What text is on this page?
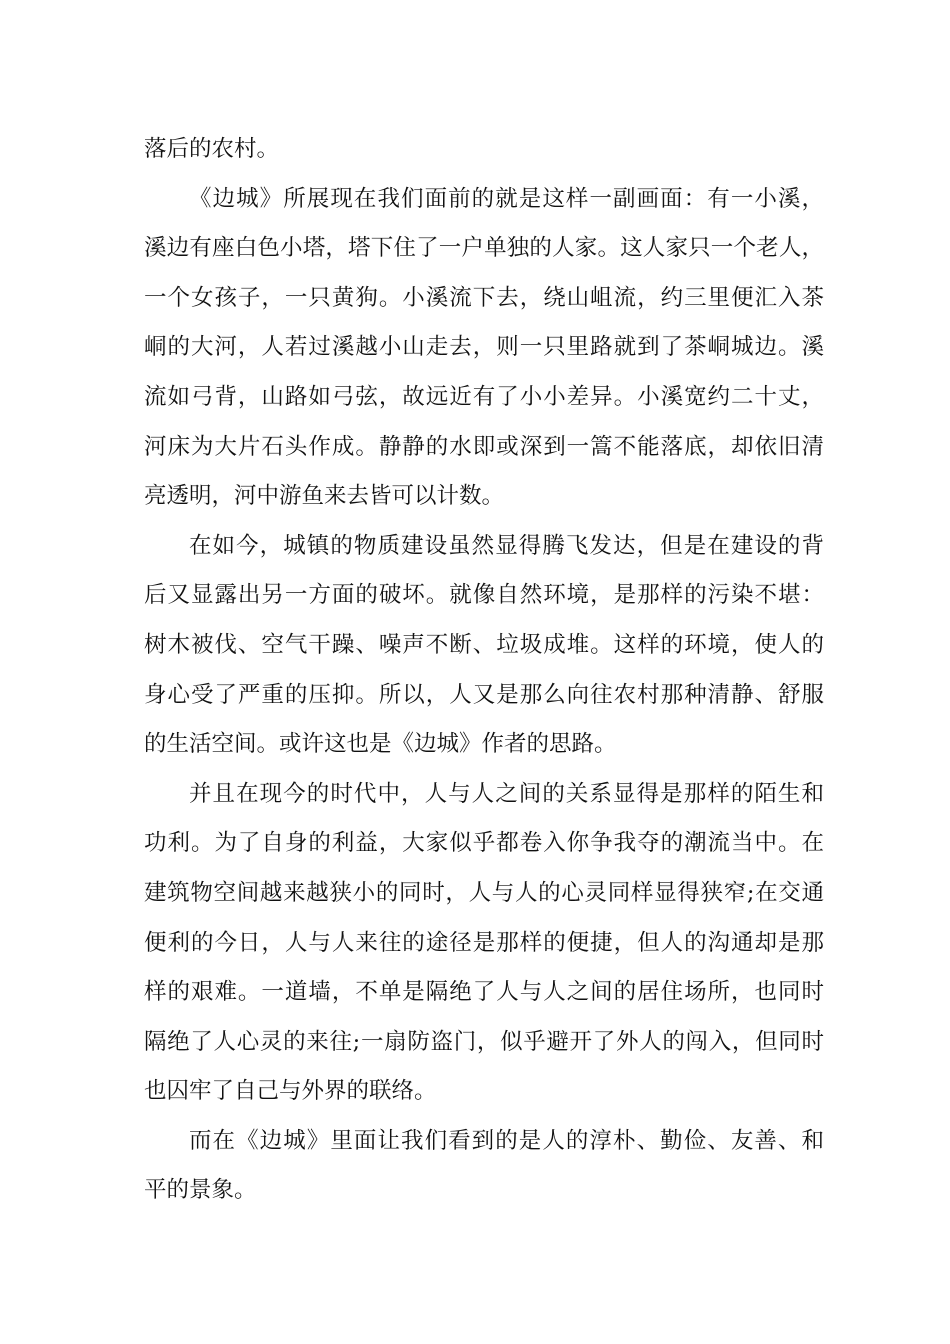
落后的农村。
《边城》所展现在我们面前的就是这样一副画面：有一小溪，
溪边有座白色小塔，塔下住了一户单独的人家。这人家只一个老人，
一个女孩子，一只黄狗。小溪流下去，绕山岨流，约三里便汇入茶
峒的大河，人若过溪越小山走去，则一只里路就到了茶峒城边。溪
流如弓背，山路如弓弦，故远近有了小小差异。小溪宽约二十丈，
河床为大片石头作成。静静的水即或深到一篙不能落底，却依旧清
亮透明，河中游鱼来去皆可以计数。
在如今，城镇的物质建设虽然显得腾飞发达，但是在建设的背
后又显露出另一方面的破坏。就像自然环境，是那样的污染不堪：
树木被伐、空气干躁、噪声不断、垃圾成堆。这样的环境，使人的
身心受了严重的压抑。所以，人又是那么向往农村那种清静、舒服
的生活空间。或许这也是《边城》作者的思路。
并且在现今的时代中，人与人之间的关系显得是那样的陌生和
功利。为了自身的利益，大家似乎都卷入你争我夺的潮流当中。在
建筑物空间越来越狭小的同时，人与人的心灵同样显得狭窄;在交通
便利的今日，人与人来往的途径是那样的便捷，但人的沟通却是那
样的艰难。一道墙，不单是隔绝了人与人之间的居住场所，也同时
隔绝了人心灵的来往;一扇防盗门，似乎避开了外人的闯入，但同时
也囚牢了自己与外界的联络。
而在《边城》里面让我们看到的是人的淳朴、勤俭、友善、和
平的景象。
